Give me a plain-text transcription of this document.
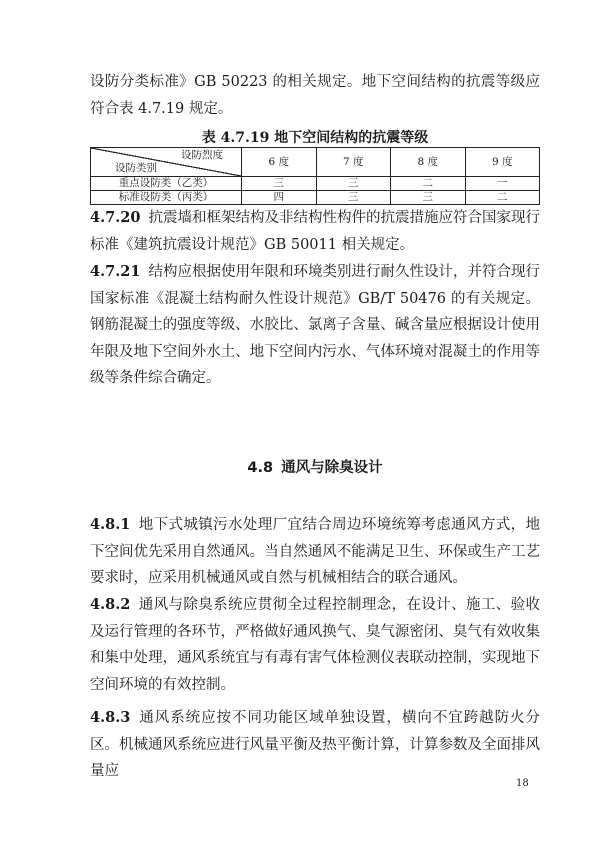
设防分类标准》GB 50223 的相关规定。地下空间结构的抗震等级应符合表 4.7.19 规定。

表 4.7.19 地下空间结构的抗震等级
设防烈度
设防类别	6 度	7 度	8 度	9 度
重点设防类（乙类）	三	三	二	一
标准设防类（丙类）	四	三	三	二

4.7.20 抗震墙和框架结构及非结构性构件的抗震措施应符合国家现行标准《建筑抗震设计规范》GB 50011 相关规定。

4.7.21 结构应根据使用年限和环境类别进行耐久性设计，并符合现行国家标准《混凝土结构耐久性设计规范》GB/T 50476 的有关规定。钢筋混凝土的强度等级、水胶比、氯离子含量、碱含量应根据设计使用年限及地下空间外水土、地下空间内污水、气体环境对混凝土的作用等级等条件综合确定。

4.8 通风与除臭设计

4.8.1 地下式城镇污水处理厂宜结合周边环境统筹考虑通风方式，地下空间优先采用自然通风。当自然通风不能满足卫生、环保或生产工艺要求时，应采用机械通风或自然与机械相结合的联合通风。

4.8.2 通风与除臭系统应贯彻全过程控制理念，在设计、施工、验收及运行管理的各环节，严格做好通风换气、臭气源密闭、臭气有效收集和集中处理，通风系统宜与有毒有害气体检测仪表联动控制，实现地下空间环境的有效控制。

4.8.3 通风系统应按不同功能区域单独设置，横向不宜跨越防火分区。机械通风系统应进行风量平衡及热平衡计算，计算参数及全面排风量应

18
